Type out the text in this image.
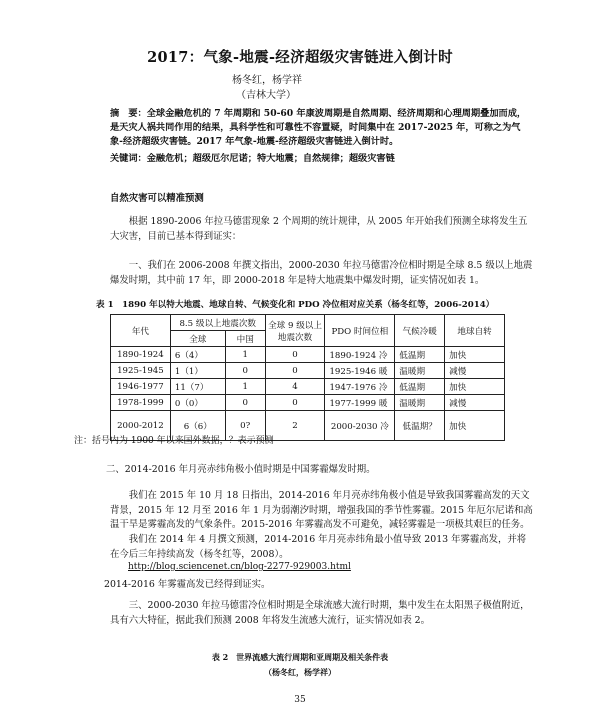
2017：气象-地震-经济超级灾害链进入倒计时
杨冬红，杨学祥
（吉林大学）
摘　要：全球金融危机的 7 年周期和 50-60 年康波周期是自然周期、经济周期和心理周期叠加而成，是天灾人祸共同作用的结果，具科学性和可靠性不容置疑，时间集中在 2017-2025 年，可称之为气象-经济超级灾害链。2017 年气象-地震-经济超级灾害链进入倒计时。
关键词：金融危机；超级厄尔尼诺；特大地震；自然规律；超级灾害链
自然灾害可以精准预测
根据 1890-2006 年拉马德雷现象 2 个周期的统计规律，从 2005 年开始我们预测全球将发生五大灾害，目前已基本得到证实：
一、我们在 2006-2008 年撰文指出，2000-2030 年拉马德雷冷位相时期是全球 8.5 级以上地震爆发时期，其中前 17 年，即 2000-2018 年是特大地震集中爆发时期，证实情况如表 1。
表 1　1890 年以特大地震、地球自转、气候变化和 PDO 冷位相对应关系（杨冬红等，2006-2014）
年代	8.5 级以上地震次数		全球 9 级以上地震次数	PDO 时间位相	气候冷暖	地球自转
	全球	中国				
1890-1924	6（4）	1	0	1890-1924 冷	低温期	加快
1925-1945	1（1）	0	0	1925-1946 暖	温暖期	减慢
1946-1977	11（7）	1	4	1947-1976 冷	低温期	加快
1978-1999	0（0）	0	0	1977-1999 暖	温暖期	减慢
2000-2012	6（6）	0?	2	2000-2030 冷	低温期？	加快
注：括号内为 1900 年以来国外数据，？表示预测
二、2014-2016 年月亮赤纬角极小值时期是中国雾霾爆发时期。
我们在 2015 年 10 月 18 日指出，2014-2016 年月亮赤纬角极小值是导致我国雾霾高发的天文背景，2015 年 12 月至 2016 年 1 月为弱潮汐时期，增强我国的季节性雾霾。2015 年厄尔尼诺和高温干旱是雾霾高发的气象条件。2015-2016 年雾霾高发不可避免，减轻雾霾是一项极其艰巨的任务。
我们在 2014 年 4 月撰文预测，2014-2016 年月亮赤纬角最小值导致 2013 年雾霾高发，并将在今后三年持续高发（杨冬红等，2008）。
http://blog.sciencenet.cn/blog-2277-929003.html
2014-2016 年雾霾高发已经得到证实。
三、2000-2030 年拉马德雷冷位相时期是全球流感大流行时期，集中发生在太阳黑子极值附近，具有六大特征，据此我们预测 2008 年将发生流感大流行，证实情况如表 2。
表 2　世界流感大流行周期和亚周期及相关条件表
（杨冬红，杨学祥）
35
